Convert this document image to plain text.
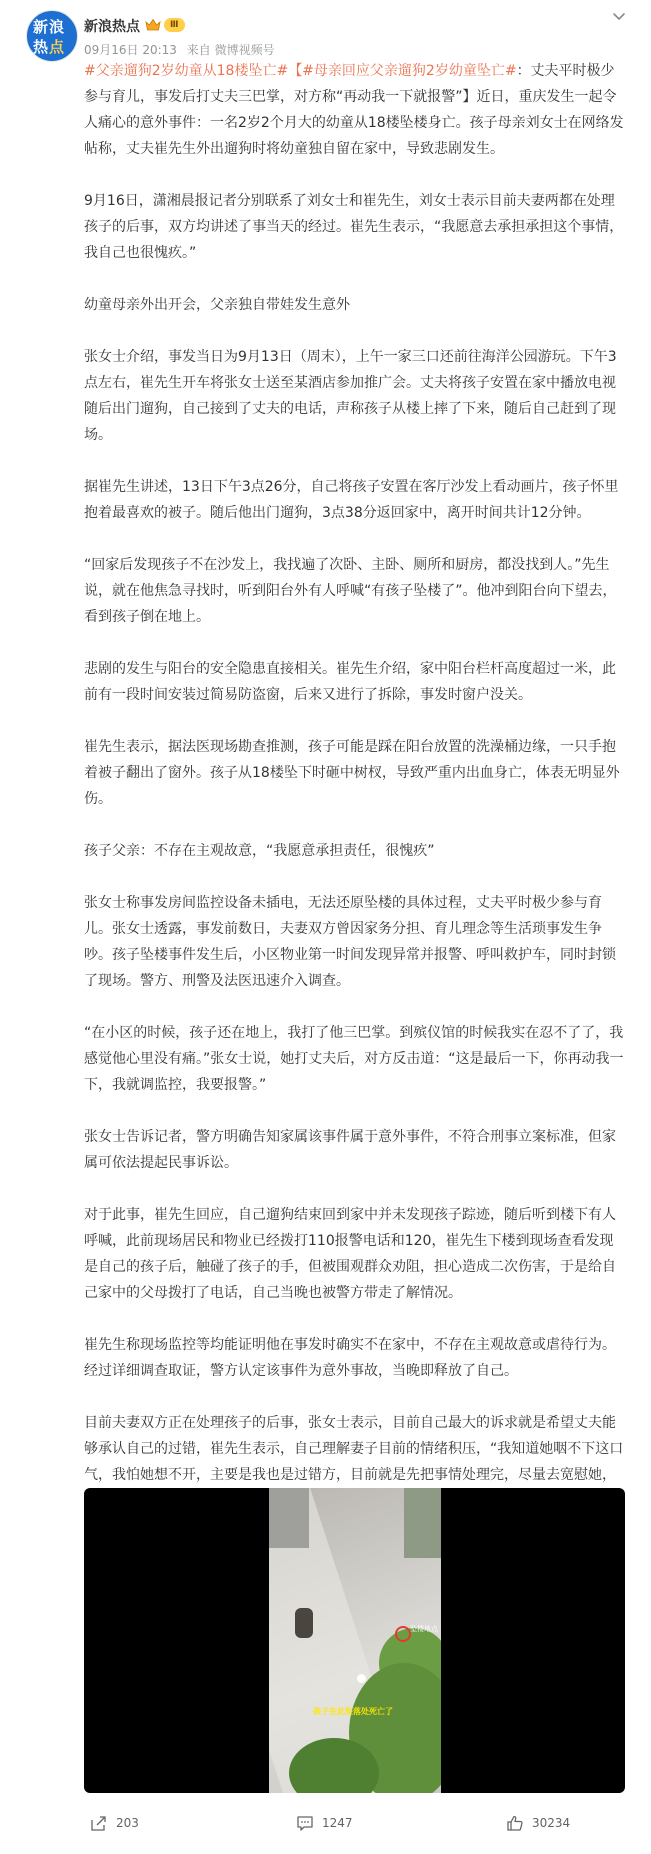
新浪
热点
新浪热点	Ⅲ
09月16日 20:13 来自 微博视频号

#父亲遛狗2岁幼童从18楼坠亡#【#母亲回应父亲遛狗2岁幼童坠亡#：丈夫平时极少参与育儿，事发后打丈夫三巴掌，对方称“再动我一下就报警”】近日，重庆发生一起令人痛心的意外事件：一名2岁2个月大的幼童从18楼坠楼身亡。孩子母亲刘女士在网络发帖称，丈夫崔先生外出遛狗时将幼童独自留在家中，导致悲剧发生。

9月16日，潇湘晨报记者分别联系了刘女士和崔先生，刘女士表示目前夫妻两都在处理孩子的后事，双方均讲述了事当天的经过。崔先生表示，“我愿意去承担承担这个事情，我自己也很愧疚。”

幼童母亲外出开会，父亲独自带娃发生意外

张女士介绍，事发当日为9月13日（周末），上午一家三口还前往海洋公园游玩。下午3点左右，崔先生开车将张女士送至某酒店参加推广会。丈夫将孩子安置在家中播放电视随后出门遛狗，自己接到了丈夫的电话，声称孩子从楼上摔了下来，随后自己赶到了现场。

据崔先生讲述，13日下午3点26分，自己将孩子安置在客厅沙发上看动画片，孩子怀里抱着最喜欢的被子。随后他出门遛狗，3点38分返回家中，离开时间共计12分钟。

“回家后发现孩子不在沙发上，我找遍了次卧、主卧、厕所和厨房，都没找到人。”先生说，就在他焦急寻找时，听到阳台外有人呼喊“有孩子坠楼了”。他冲到阳台向下望去，看到孩子倒在地上。

悲剧的发生与阳台的安全隐患直接相关。崔先生介绍，家中阳台栏杆高度超过一米，此前有一段时间安装过简易防盗窗，后来又进行了拆除，事发时窗户没关。

崔先生表示，据法医现场勘查推测，孩子可能是踩在阳台放置的洗澡桶边缘，一只手抱着被子翻出了窗外。孩子从18楼坠下时砸中树杈，导致严重内出血身亡，体表无明显外伤。

孩子父亲：不存在主观故意，“我愿意承担责任，很愧疚”

张女士称事发房间监控设备未插电，无法还原坠楼的具体过程，丈夫平时极少参与育儿。张女士透露，事发前数日，夫妻双方曾因家务分担、育儿理念等生活琐事发生争吵。孩子坠楼事件发生后，小区物业第一时间发现异常并报警、呼叫救护车，同时封锁了现场。警方、刑警及法医迅速介入调查。

“在小区的时候，孩子还在地上，我打了他三巴掌。到殡仪馆的时候我实在忍不了了，我感觉他心里没有痛。”张女士说，她打丈夫后，对方反击道：“这是最后一下，你再动我一下，我就调监控，我要报警。”

张女士告诉记者，警方明确告知家属该事件属于意外事件，不符合刑事立案标准，但家属可依法提起民事诉讼。

对于此事，崔先生回应，自己遛狗结束回到家中并未发现孩子踪迹，随后听到楼下有人呼喊，此前现场居民和物业已经拨打110报警电话和120，崔先生下楼到现场查看发现是自己的孩子后，触碰了孩子的手，但被围观群众劝阻，担心造成二次伤害，于是给自己家中的父母拨打了电话，自己当晚也被警方带走了解情况。

崔先生称现场监控等均能证明他在事发时确实不在家中，不存在主观故意或虐待行为。经过详细调查取证，警方认定该事件为意外事故，当晚即释放了自己。

目前夫妻双方正在处理孩子的后事，张女士表示，目前自己最大的诉求就是希望丈夫能够承认自己的过错，崔先生表示，自己理解妻子目前的情绪积压，“我知道她咽不下这口气，我怕她想不开，主要是我也是过错方，目前就是先把事情处理完，尽量去宽慰她，

坠楼地点
孩子在此坠落处死亡了
203	1247	30234
